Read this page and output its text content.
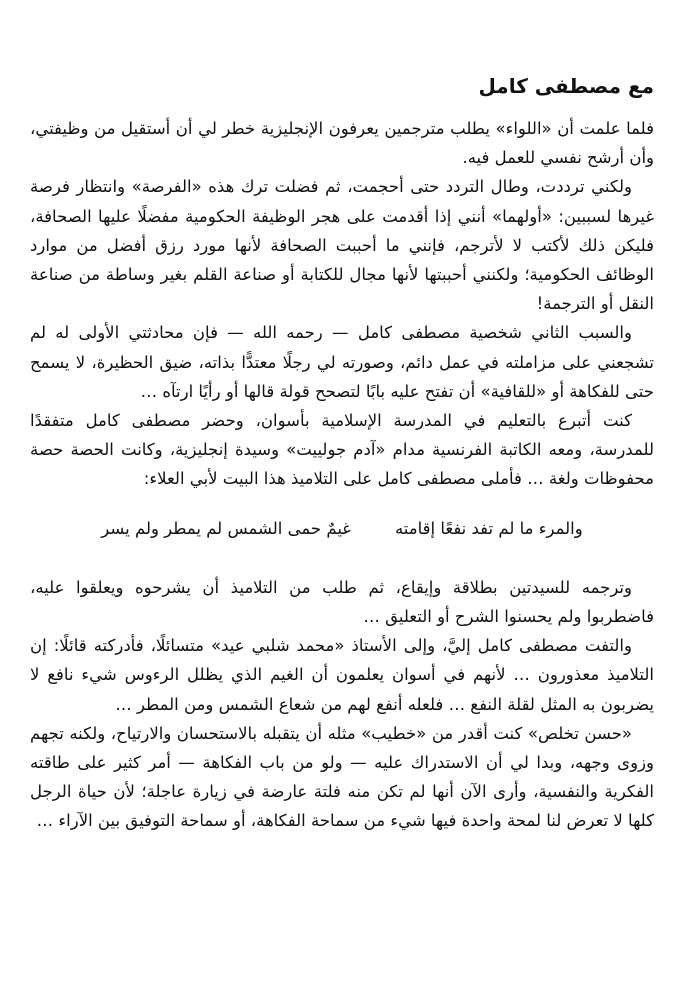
مع مصطفى كامل

فلما علمت أن «اللواء» يطلب مترجمين يعرفون الإنجليزية خطر لي أن أستقيل من وظيفتي، وأن أرشح نفسي للعمل فيه.

ولكني ترددت، وطال التردد حتى أحجمت، ثم فضلت ترك هذه «الفرصة» وانتظار فرصة غيرها لسببين: «أولهما» أنني إذا أقدمت على هجر الوظيفة الحكومية مفضلًا عليها الصحافة، فليكن ذلك لأكتب لا لأترجم، فإنني ما أحببت الصحافة لأنها مورد رزق أفضل من موارد الوظائف الحكومية؛ ولكنني أحببتها لأنها مجال للكتابة أو صناعة القلم بغير وساطة من صناعة النقل أو الترجمة!

والسبب الثاني شخصية مصطفى كامل — رحمه الله — فإن محادثتي الأولى له لم تشجعني على مزاملته في عمل دائم، وصورته لي رجلًا معتدًّا بذاته، ضيق الحظيرة، لا يسمح حتى للفكاهة أو «للقافية» أن تفتح عليه بابًا لتصحح قولة قالها أو رأيًا ارتآه …

كنت أتبرع بالتعليم في المدرسة الإسلامية بأسوان، وحضر مصطفى كامل متفقدًا للمدرسة، ومعه الكاتبة الفرنسية مدام «آدم جولييت» وسيدة إنجليزية، وكانت الحصة حصة محفوظات ولغة … فأملى مصطفى كامل على التلاميذ هذا البيت لأبي العلاء:

والمرء ما لم تفد نفعًا إقامته
غيمٌ حمى الشمس لم يمطر ولم يسر

وترجمه للسيدتين بطلاقة وإيقاع، ثم طلب من التلاميذ أن يشرحوه ويعلقوا عليه، فاضطربوا ولم يحسنوا الشرح أو التعليق …

والتفت مصطفى كامل إليَّ، وإلى الأستاذ «محمد شلبي عيد» متسائلًا، فأدركته قائلًا: إن التلاميذ معذورون … لأنهم في أسوان يعلمون أن الغيم الذي يظلل الرءوس شيء نافع لا يضربون به المثل لقلة النفع … فلعله أنفع لهم من شعاع الشمس ومن المطر …

«حسن تخلص» كنت أقدر من «خطيب» مثله أن يتقبله بالاستحسان والارتياح، ولكنه تجهم وزوى وجهه، وبدا لي أن الاستدراك عليه — ولو من باب الفكاهة — أمر كثير على طاقته الفكرية والنفسية، وأرى الآن أنها لم تكن منه فلتة عارضة في زيارة عاجلة؛ لأن حياة الرجل كلها لا تعرض لنا لمحة واحدة فيها شيء من سماحة الفكاهة، أو سماحة التوفيق بين الآراء …
